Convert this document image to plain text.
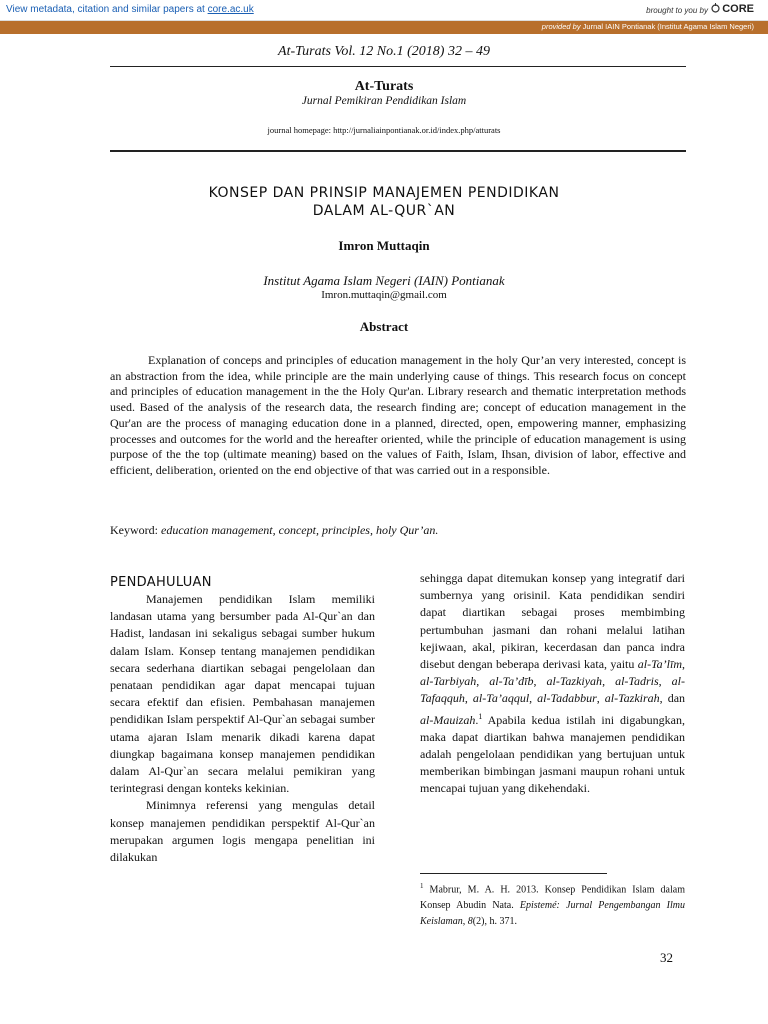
View metadata, citation and similar papers at core.ac.uk	brought to you by CORE
provided by Jurnal IAIN Pontianak (Institut Agama Islam Negeri)
At-Turats Vol. 12 No.1 (2018) 32 – 49
At-Turats
Jurnal Pemikiran Pendidikan Islam
journal homepage: http://jurnaliainpontianak.or.id/index.php/atturats
KONSEP DAN PRINSIP MANAJEMEN PENDIDIKAN
DALAM AL-QUR`AN
Imron Muttaqin
Institut Agama Islam Negeri (IAIN) Pontianak
Imron.muttaqin@gmail.com
Abstract
Explanation of conceps and principles of education management in the holy Qur’an very interested, concept is an abstraction from the idea, while principle are the main underlying cause of things. This research focus on concept and principles of education management in the the Holy Qur'an. Library research and thematic interpretation methods used. Based of the analysis of the research data, the research finding are; concept of education management in the Qur'an are the process of managing education done in a planned, directed, open, empowering manner, emphasizing processes and outcomes for the world and the hereafter oriented, while the principle of education management is using purpose of the the top (ultimate meaning) based on the values of Faith, Islam, Ihsan, division of labor, effective and efficient, deliberation, oriented on the end objective of that was carried out in a responsible.
Keyword: education management, concept, principles, holy Qur’an.
PENDAHULUAN

Manajemen pendidikan Islam memiliki landasan utama yang bersumber pada Al-Qur`an dan Hadist, landasan ini sekaligus sebagai sumber hukum dalam Islam. Konsep tentang manajemen pendidikan secara sederhana diartikan sebagai pengelolaan dan penataan pendidikan agar dapat mencapai tujuan secara efektif dan efisien. Pembahasan manajemen pendidikan Islam perspektif Al-Qur`an sebagai sumber utama ajaran Islam menarik dikadi karena dapat diungkap bagaimana konsep manajemen pendidikan dalam Al-Qur`an secara melalui pemikiran yang terintegrasi dengan konteks kekinian.

Minimnya referensi yang mengulas detail konsep manajemen pendidikan perspektif Al-Qur`an merupakan argumen logis mengapa penelitian ini dilakukan

sehingga dapat ditemukan konsep yang integratif dari sumbernya yang orisinil. Kata pendidikan sendiri dapat diartikan sebagai proses membimbing pertumbuhan jasmani dan rohani melalui latihan kejiwaan, akal, pikiran, kecerdasan dan panca indra disebut dengan beberapa derivasi kata, yaitu al-Ta’līm, al-Tarbiyah, al-Ta’dīb, al-Tazkiyah, al-Tadris, al-Tafaqquh, al-Ta’aqqul, al-Tadabbur, al-Tazkirah, dan al-Mauizah.$^1$ Apabila kedua istilah ini digabungkan, maka dapat diartikan bahwa manajemen pendidikan adalah pengelolaan pendidikan yang bertujuan untuk memberikan bimbingan jasmani maupun rohani untuk mencapai tujuan yang dikehendaki.

$^1$ Mabrur, M. A. H. 2013. Konsep Pendidikan Islam dalam Konsep Abudin Nata. Epistemé: Jurnal Pengembangan Ilmu Keislaman, 8(2), h. 371.
32
